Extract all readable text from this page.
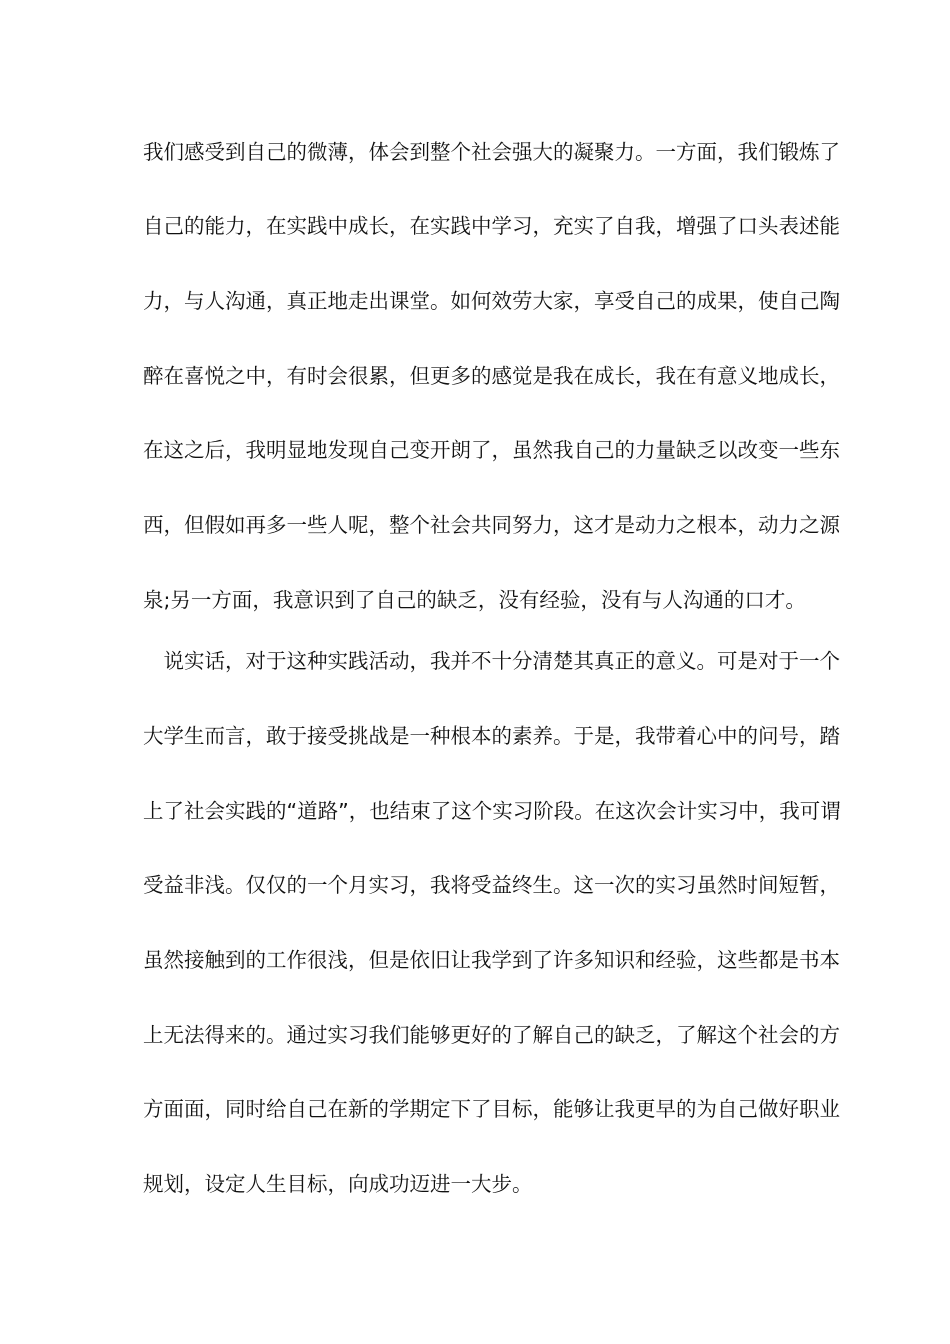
我们感受到自己的微薄，体会到整个社会强大的凝聚力。一方面，我们锻炼了
自己的能力，在实践中成长，在实践中学习，充实了自我，增强了口头表述能
力，与人沟通，真正地走出课堂。如何效劳大家，享受自己的成果，使自己陶
醉在喜悦之中，有时会很累，但更多的感觉是我在成长，我在有意义地成长，
在这之后，我明显地发现自己变开朗了，虽然我自己的力量缺乏以改变一些东
西，但假如再多一些人呢，整个社会共同努力，这才是动力之根本，动力之源
泉;另一方面，我意识到了自己的缺乏，没有经验，没有与人沟通的口才。
　说实话，对于这种实践活动，我并不十分清楚其真正的意义。可是对于一个
大学生而言，敢于接受挑战是一种根本的素养。于是，我带着心中的问号，踏
上了社会实践的“道路”，也结束了这个实习阶段。在这次会计实习中，我可谓
受益非浅。仅仅的一个月实习，我将受益终生。这一次的实习虽然时间短暂，
虽然接触到的工作很浅，但是依旧让我学到了许多知识和经验，这些都是书本
上无法得来的。通过实习我们能够更好的了解自己的缺乏，了解这个社会的方
方面面，同时给自己在新的学期定下了目标，能够让我更早的为自己做好职业
规划，设定人生目标，向成功迈进一大步。
